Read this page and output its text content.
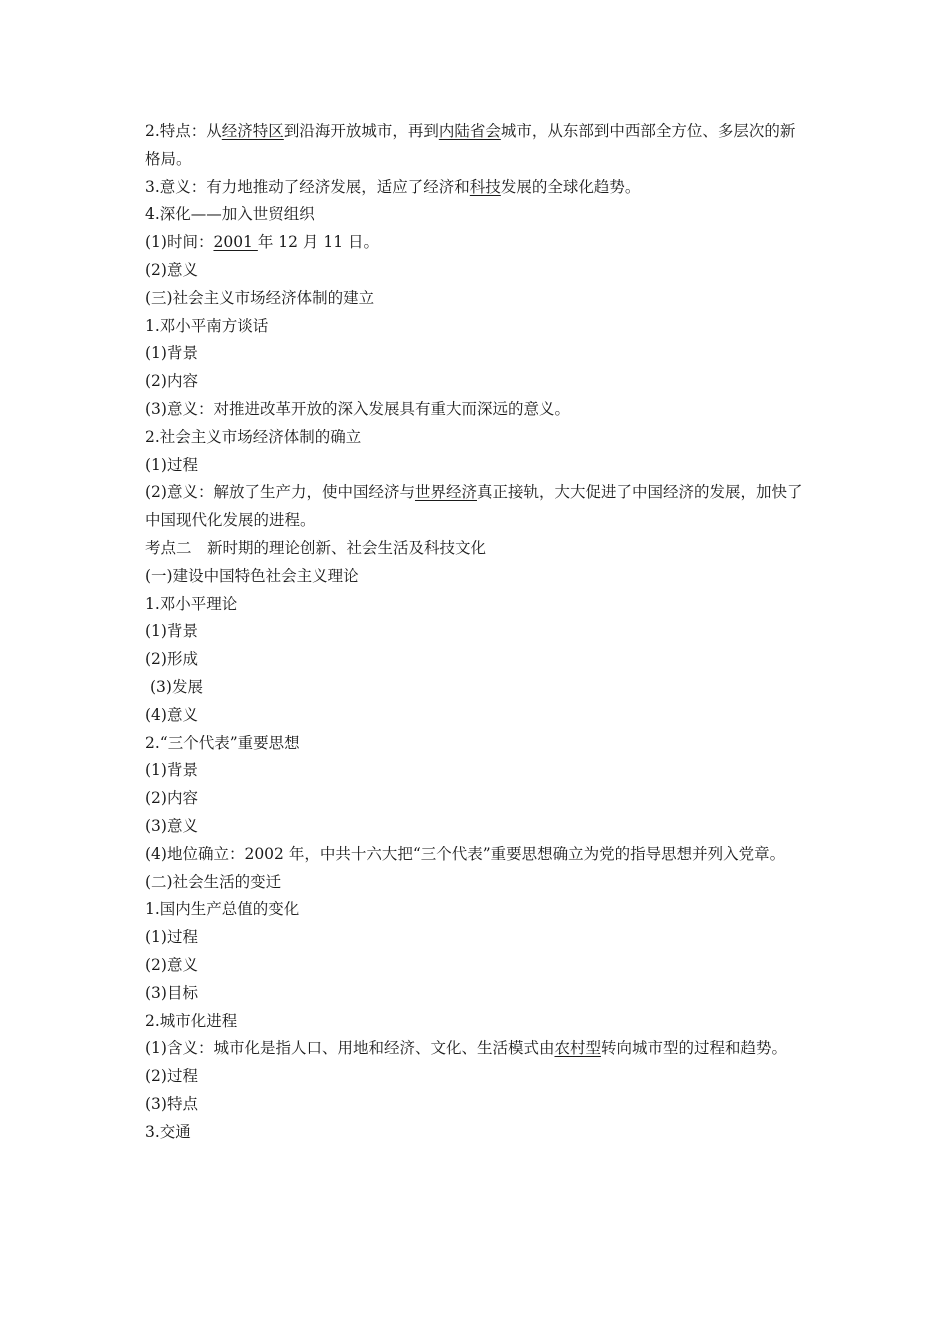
2.特点：从经济特区到沿海开放城市，再到内陆省会城市，从东部到中西部全方位、多层次的新格局。

3.意义：有力地推动了经济发展，适应了经济和科技发展的全球化趋势。

4.深化——加入世贸组织

(1)时间：2001 年 12 月 11 日。

(2)意义

(三)社会主义市场经济体制的建立

1.邓小平南方谈话

(1)背景

(2)内容

(3)意义：对推进改革开放的深入发展具有重大而深远的意义。

2.社会主义市场经济体制的确立

(1)过程

(2)意义：解放了生产力，使中国经济与世界经济真正接轨，大大促进了中国经济的发展，加快了中国现代化发展的进程。

考点二　新时期的理论创新、社会生活及科技文化

(一)建设中国特色社会主义理论

1.邓小平理论

(1)背景

(2)形成

(3)发展

(4)意义

2.“三个代表”重要思想

(1)背景

(2)内容

(3)意义

(4)地位确立：2002 年，中共十六大把“三个代表”重要思想确立为党的指导思想并列入党章。

(二)社会生活的变迁

1.国内生产总值的变化

(1)过程

(2)意义

(3)目标

2.城市化进程

(1)含义：城市化是指人口、用地和经济、文化、生活模式由农村型转向城市型的过程和趋势。

(2)过程

(3)特点

3.交通
